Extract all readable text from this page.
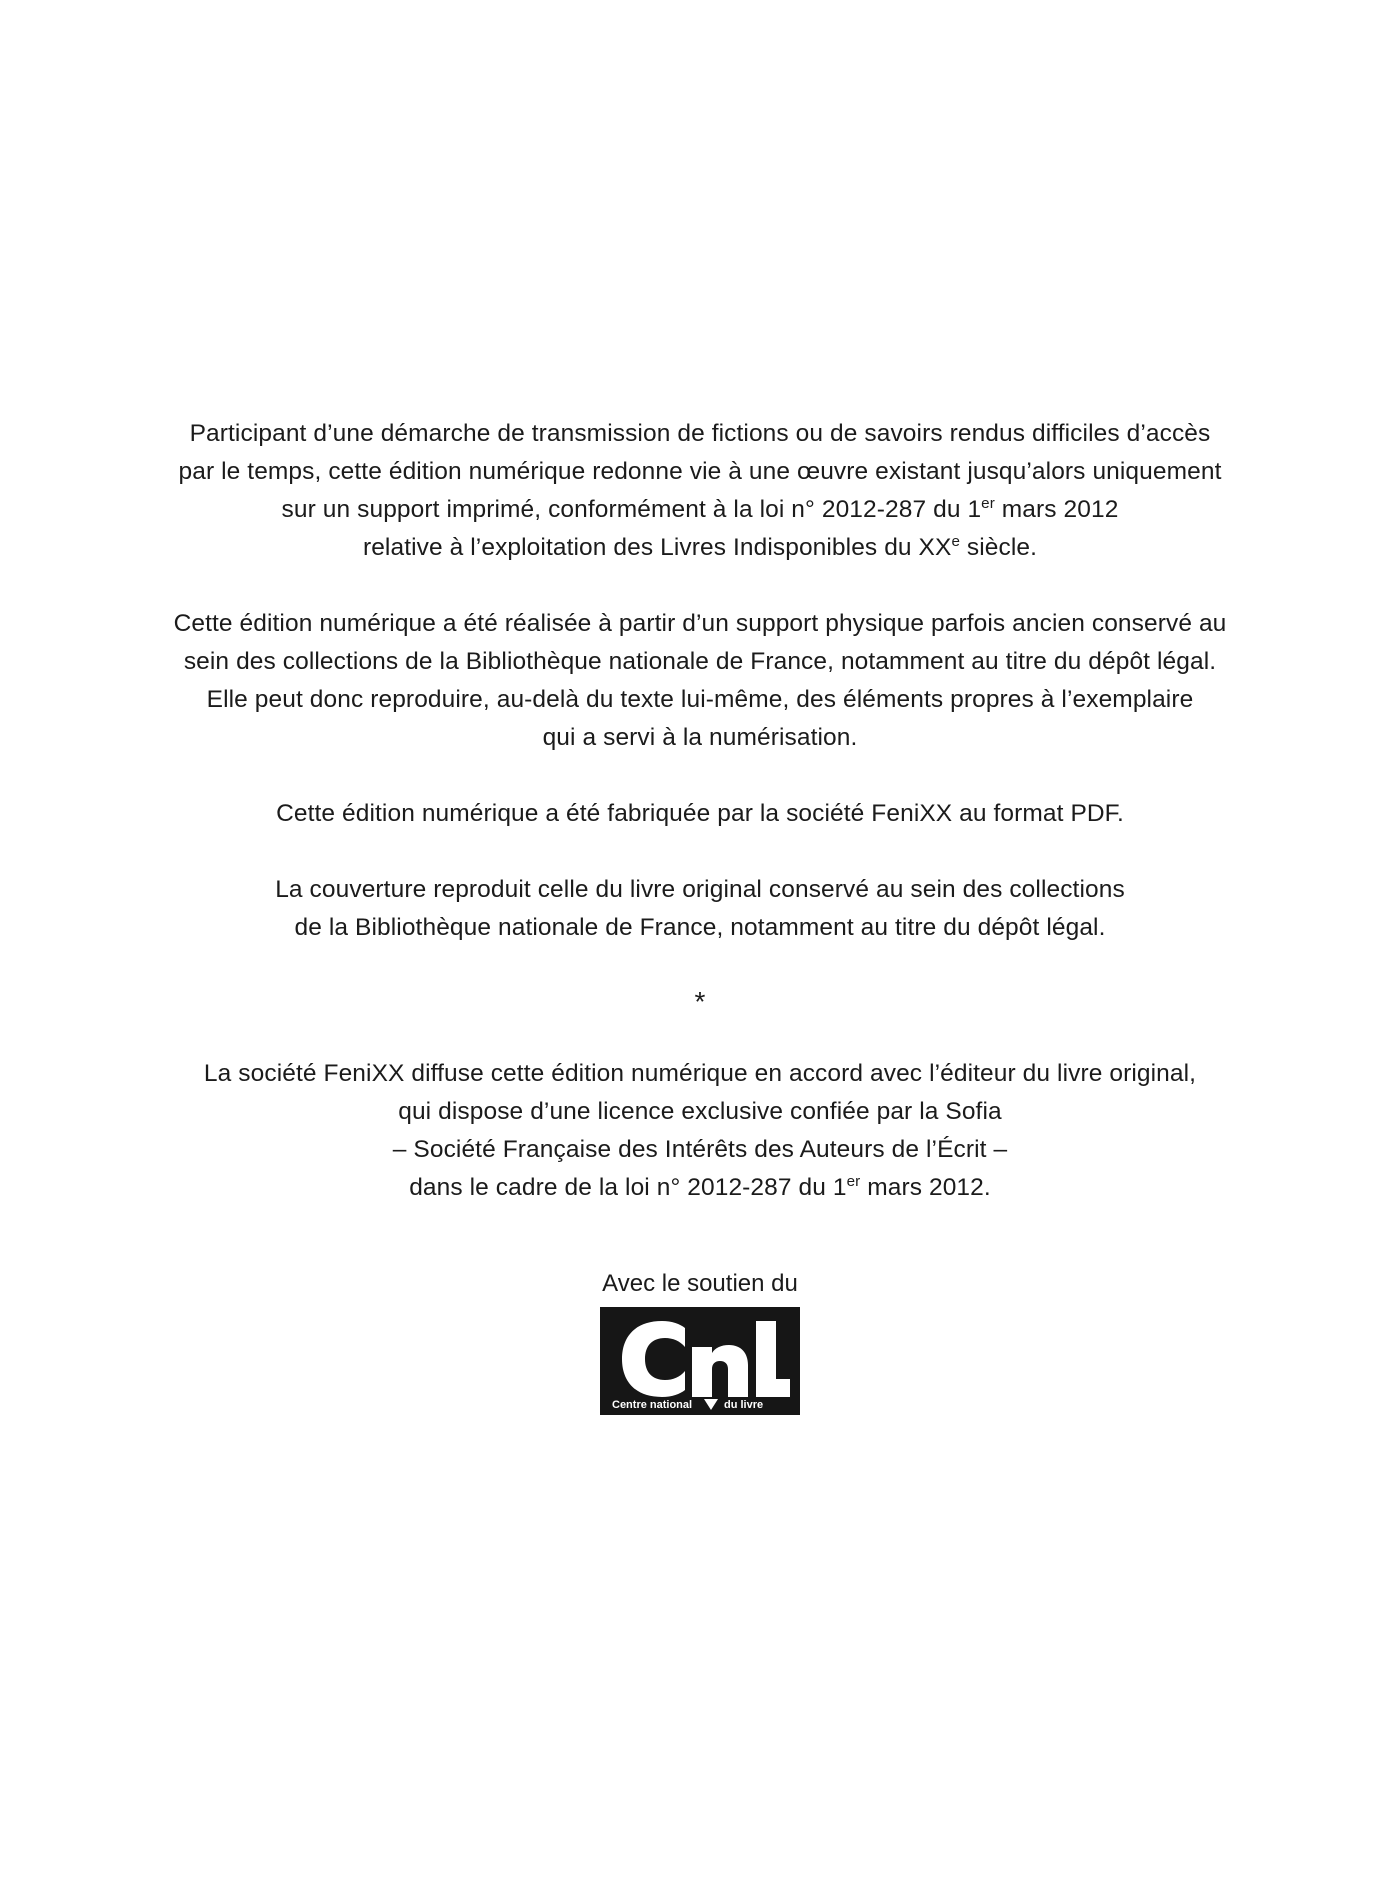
Participant d’une démarche de transmission de fictions ou de savoirs rendus difficiles d’accès
par le temps, cette édition numérique redonne vie à une œuvre existant jusqu’alors uniquement
sur un support imprimé, conformément à la loi n° 2012-287 du 1er mars 2012
relative à l’exploitation des Livres Indisponibles du XXe siècle.

Cette édition numérique a été réalisée à partir d’un support physique parfois ancien conservé au
sein des collections de la Bibliothèque nationale de France, notamment au titre du dépôt légal.
Elle peut donc reproduire, au-delà du texte lui-même, des éléments propres à l’exemplaire
qui a servi à la numérisation.

Cette édition numérique a été fabriquée par la société FeniXX au format PDF.

La couverture reproduit celle du livre original conservé au sein des collections
de la Bibliothèque nationale de France, notamment au titre du dépôt légal.

*

La société FeniXX diffuse cette édition numérique en accord avec l’éditeur du livre original,
qui dispose d’une licence exclusive confiée par la Sofia
– Société Française des Intérêts des Auteurs de l’Écrit –
dans le cadre de la loi n° 2012-287 du 1er mars 2012.

Avec le soutien du

Centre national	du livre
